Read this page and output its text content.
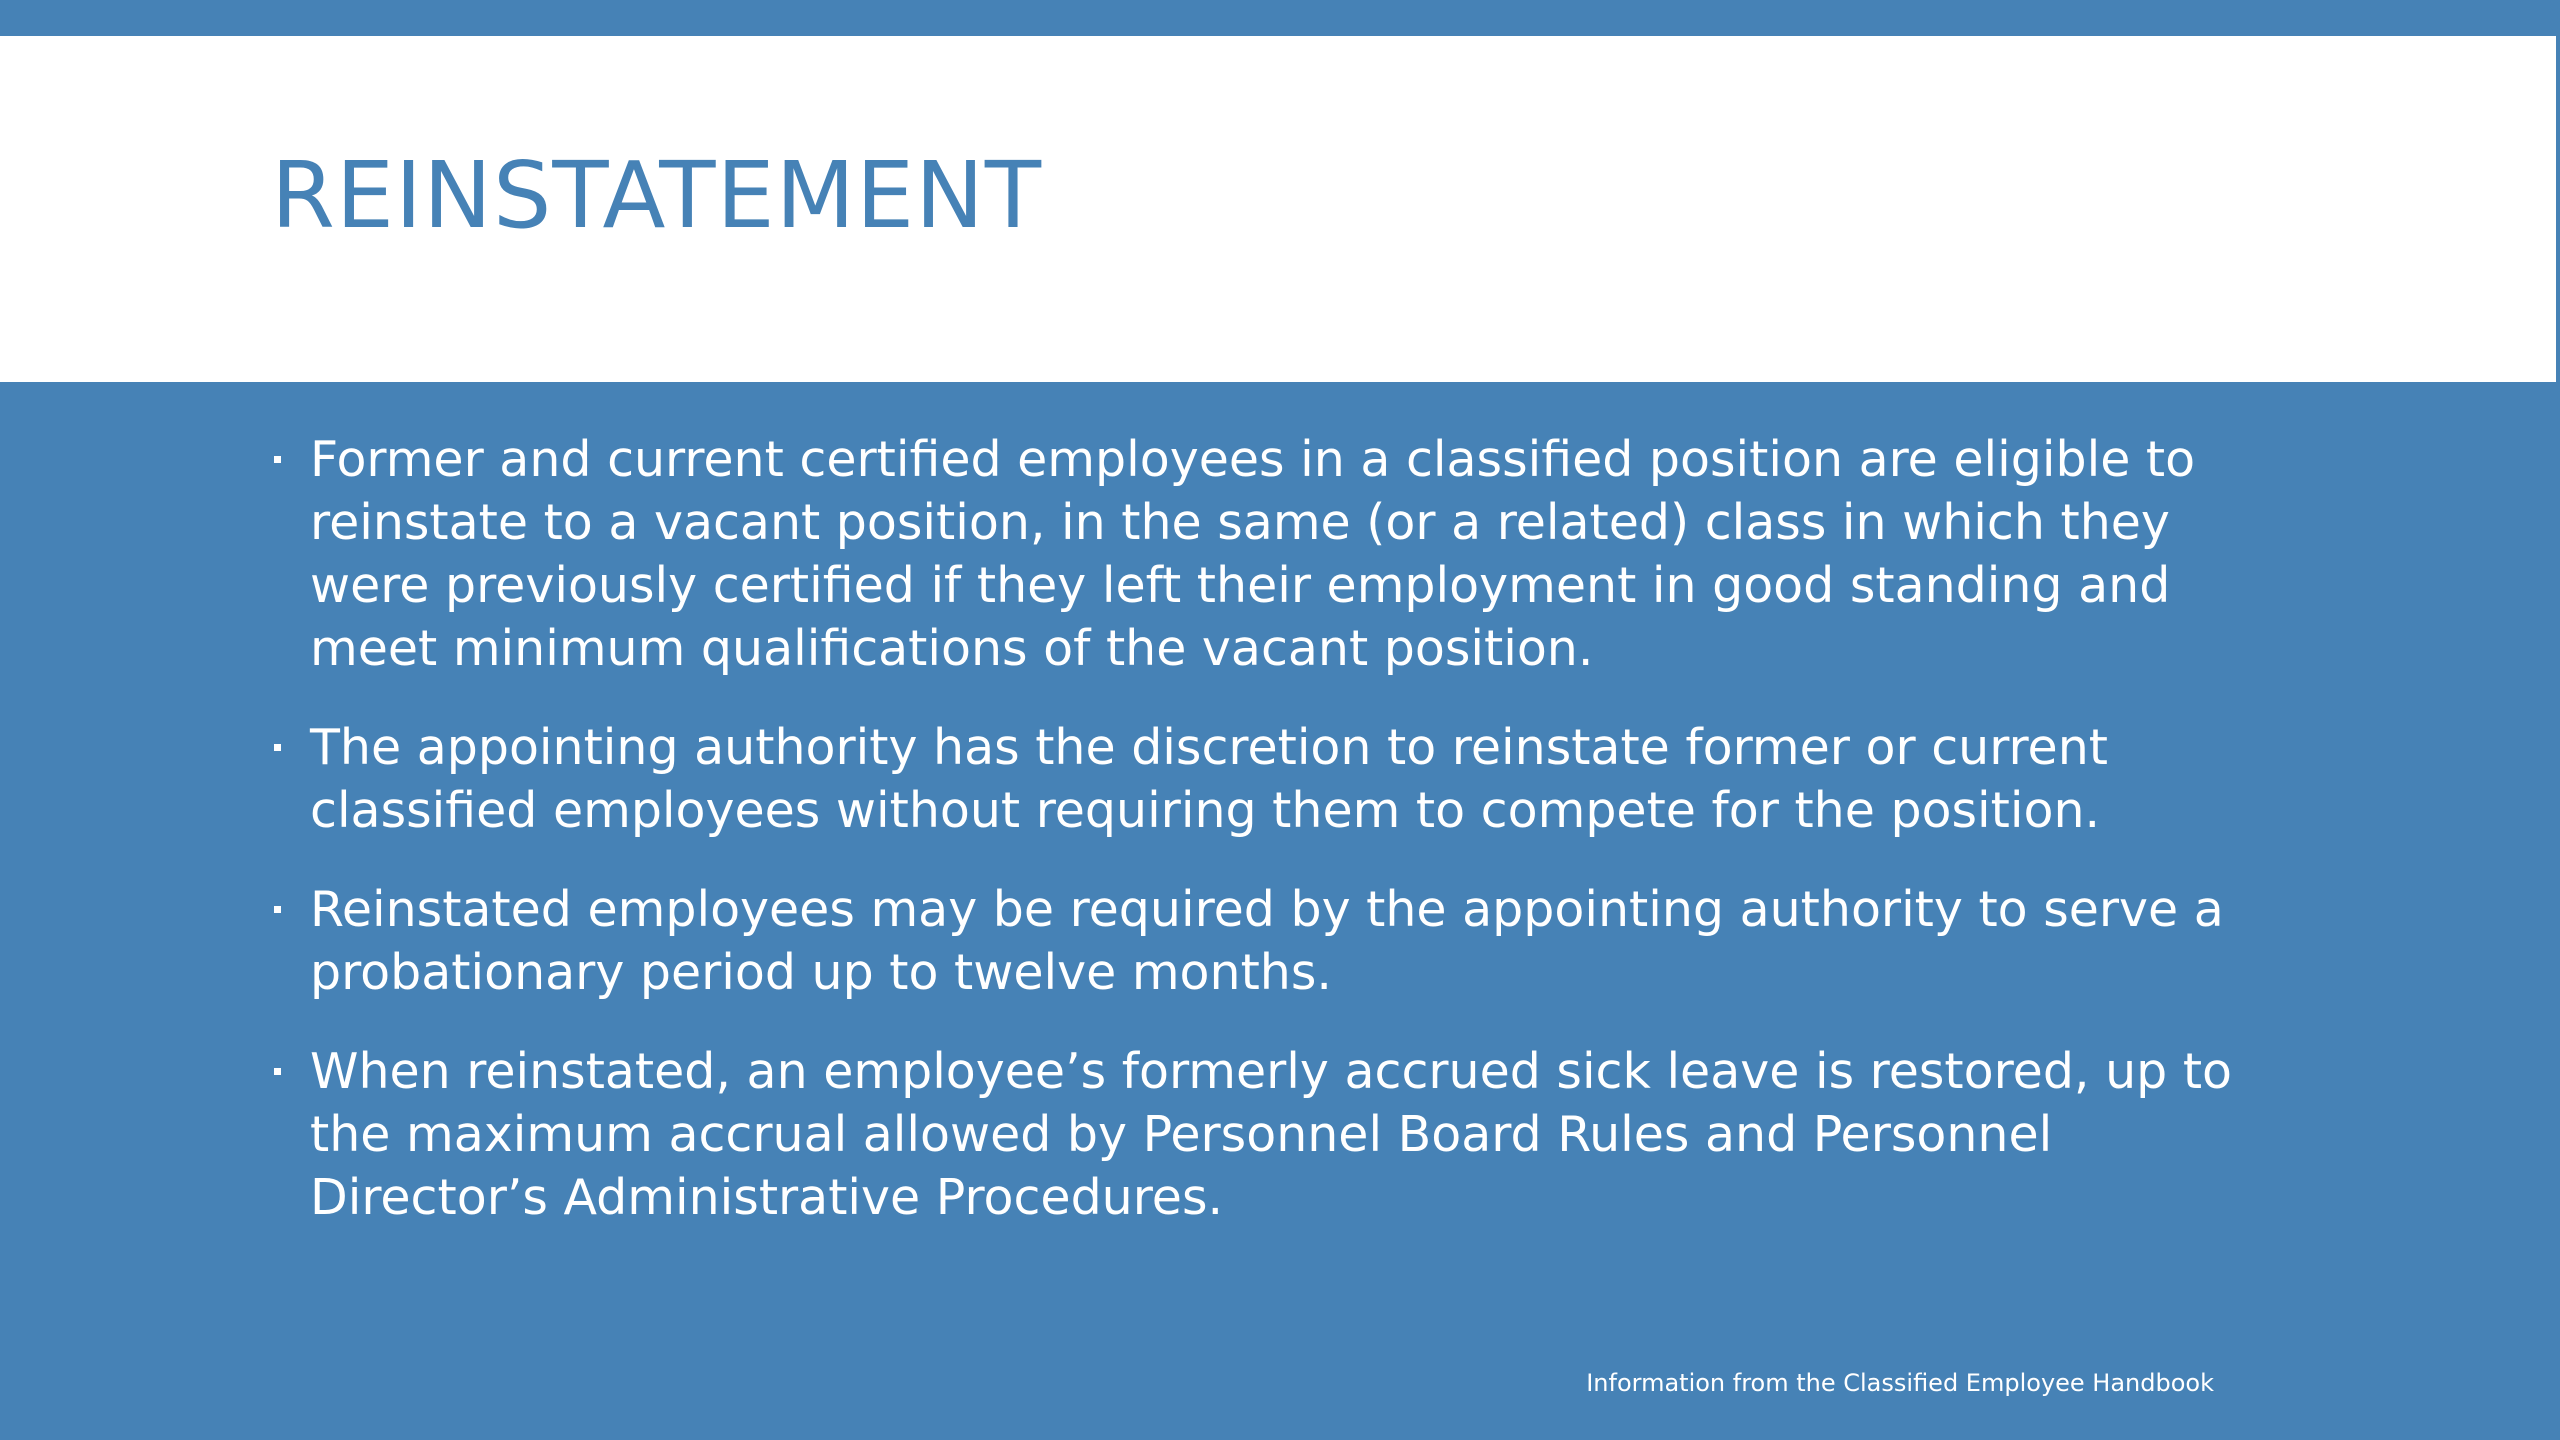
REINSTATEMENT
Former and current certified employees in a classified position are eligible to reinstate to a vacant position, in the same (or a related) class in which they were previously certified if they left their employment in good standing and meet minimum qualifications of the vacant position.
The appointing authority has the discretion to reinstate former or current classified employees without requiring them to compete for the position.
Reinstated employees may be required by the appointing authority to serve a probationary period up to twelve months.
When reinstated, an employee’s formerly accrued sick leave is restored, up to the maximum accrual allowed by Personnel Board Rules and Personnel Director’s Administrative Procedures.
Information from the Classified Employee Handbook
